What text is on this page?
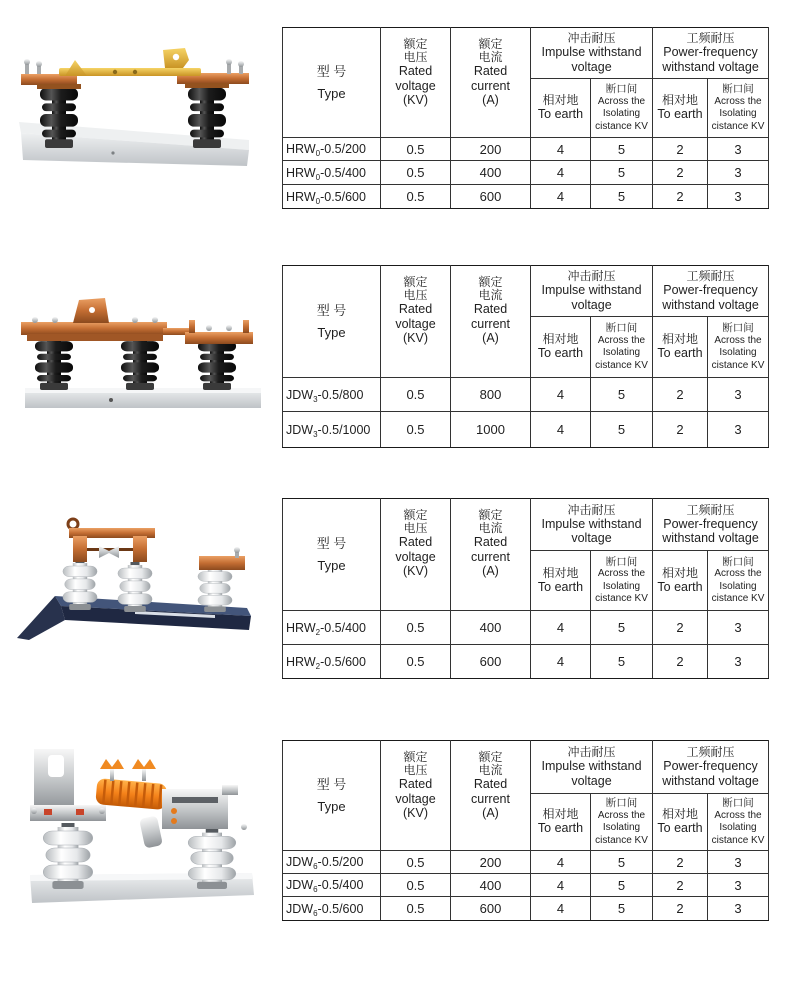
型 号
Type	额定
电压
Rated
voltage
(KV)	额定
电流
Rated
current
(A)	冲击耐压
Impulse withstand
voltage		工频耐压
Power-frequency
withstand voltage	

			相对地
To earth	断口间
Across the
Isolating
cistance KV	相对地
To earth	断口间
Across the
Isolating
cistance KV

$HRW_0-0.5/200$	0.5	200	4	5	2	3
$HRW_0-0.5/400$	0.5	400	4	5	2	3
$HRW_0-0.5/600$	0.5	600	4	5	2	3
型 号
Type	额定
电压
Rated
voltage
(KV)	额定
电流
Rated
current
(A)	冲击耐压
Impulse withstand
voltage		工频耐压
Power-frequency
withstand voltage	

			相对地
To earth	断口间
Across the
Isolating
cistance KV	相对地
To earth	断口间
Across the
Isolating
cistance KV

$JDW_3-0.5/800$	0.5	800	4	5	2	3
$JDW_3-0.5/1000$	0.5	1000	4	5	2	3
型 号
Type	额定
电压
Rated
voltage
(KV)	额定
电流
Rated
current
(A)	冲击耐压
Impulse withstand
voltage		工频耐压
Power-frequency
withstand voltage	

			相对地
To earth	断口间
Across the
Isolating
cistance KV	相对地
To earth	断口间
Across the
Isolating
cistance KV

$HRW_2-0.5/400$	0.5	400	4	5	2	3
$HRW_2-0.5/600$	0.5	600	4	5	2	3
型 号
Type	额定
电压
Rated
voltage
(KV)	额定
电流
Rated
current
(A)	冲击耐压
Impulse withstand
voltage		工频耐压
Power-frequency
withstand voltage	

			相对地
To earth	断口间
Across the
Isolating
cistance KV	相对地
To earth	断口间
Across the
Isolating
cistance KV

$JDW_6-0.5/200$	0.5	200	4	5	2	3
$JDW_6-0.5/400$	0.5	400	4	5	2	3
$JDW_6-0.5/600$	0.5	600	4	5	2	3
